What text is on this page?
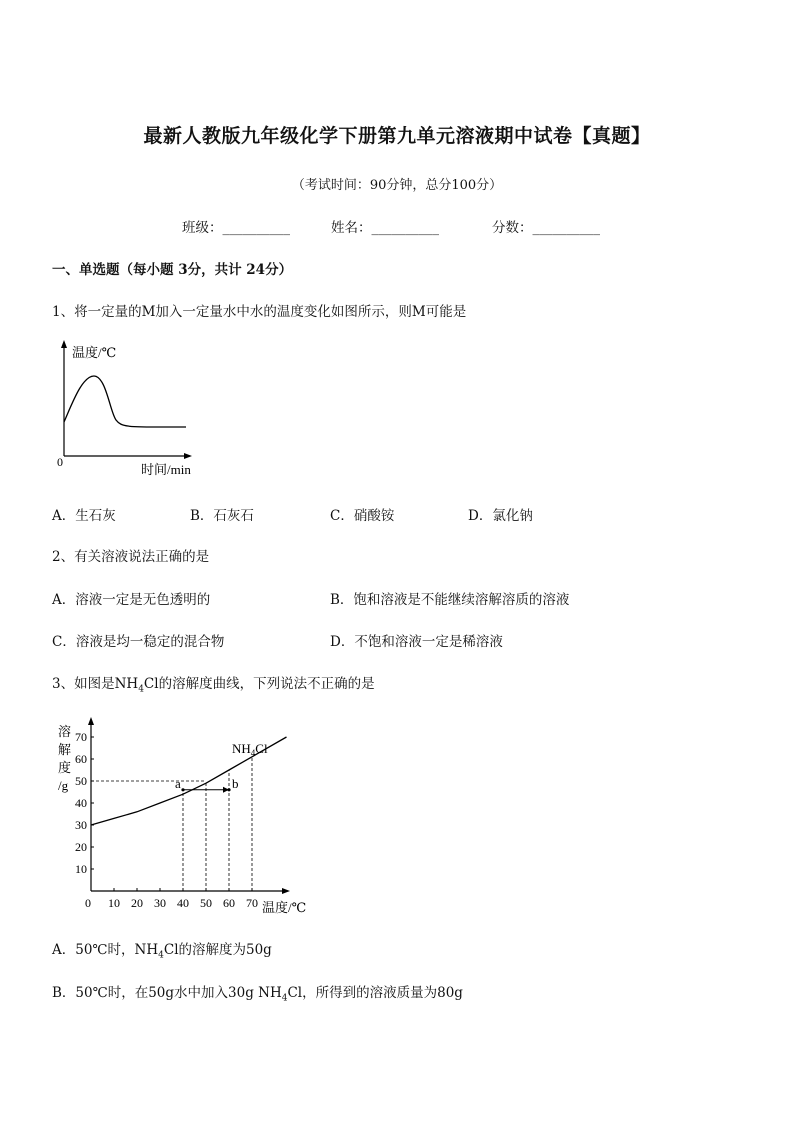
最新人教版九年级化学下册第九单元溶液期中试卷【真题】
（考试时间：90分钟，总分100分）
班级：__________	姓名：__________	分数：__________
一、单选题（每小题 3分，共计 24分）
1、将一定量的M加入一定量水中水的温度变化如图所示，则M可能是
温度/℃
0	时间/min
A．生石灰	B．石灰石	C．硝酸铵	D．氯化钠
2、有关溶液说法正确的是
A．溶液一定是无色透明的	B．饱和溶液是不能继续溶解溶质的溶液
C．溶液是均一稳定的混合物	D．不饱和溶液一定是稀溶液
3、如图是$NH_4Cl$的溶解度曲线，下列说法不正确的是
0 10 20 30 40 50 60 70
10
20
30
40
50
60
70
a	b
溶
解
度
/g
温度/℃
$NH_4Cl$
A．50℃时，$NH_4Cl$的溶解度为50g
B．50℃时，在50g水中加入30g $NH_4Cl$，所得到的溶液质量为80g
